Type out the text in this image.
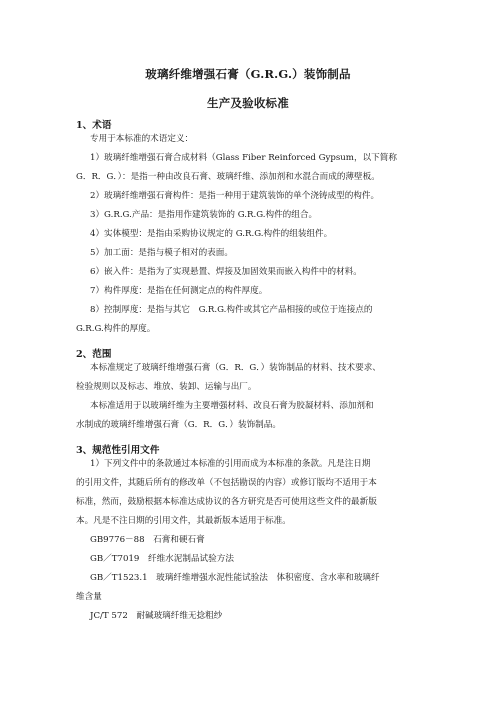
玻璃纤维增强石膏（G.R.G.）装饰制品
生产及验收标准
1、术语
专用于本标准的术语定义：
1）玻璃纤维增强石膏合成材料（Glass Fiber Reinforced Gypsum，以下简称
G．R．G．）：是指一种由改良石膏、玻璃纤维、添加剂和水混合而成的薄壁板。
2）玻璃纤维增强石膏构件：是指一种用于建筑装饰的单个浇铸成型的构件。
3）G.R.G.产品：是指用作建筑装饰的 G.R.G.构件的组合。
4）实体模型：是指由采购协议规定的 G.R.G.构件的组装组件。
5）加工面：是指与模子相对的表面。
6）嵌入件：是指为了实现悬置、焊接及加固效果而嵌入构件中的材料。
7）构件厚度：是指在任何测定点的构件厚度。
8）控制厚度：是指与其它　G.R.G.构件或其它产品相接的或位于连接点的
G.R.G.构件的厚度。
2、范围
本标准规定了玻璃纤维增强石膏（G．R．G．）装饰制品的材料、技术要求、
检验规则以及标志、堆放、装卸、运输与出厂。
本标准适用于以玻璃纤维为主要增强材料、改良石膏为胶凝材料、添加剂和
水制成的玻璃纤维增强石膏（G．R．G．）装饰制品。
3、规范性引用文件
1）下列文件中的条款通过本标准的引用而成为本标准的条款。凡是注日期
的引用文件，其随后所有的修改单（不包括勘误的内容）或修订版均不适用于本
标准，然而，鼓励根据本标准达成协议的各方研究是否可使用这些文件的最新版
本。凡是不注日期的引用文件，其最新版本适用于标准。
GB9776－88　石膏和硬石膏
GB／T7019　纤维水泥制品试验方法
GB／T1523.1　玻璃纤维增强水泥性能试验法　体积密度、含水率和玻璃纤
维含量
JC/T 572　耐碱玻璃纤维无捻粗纱
